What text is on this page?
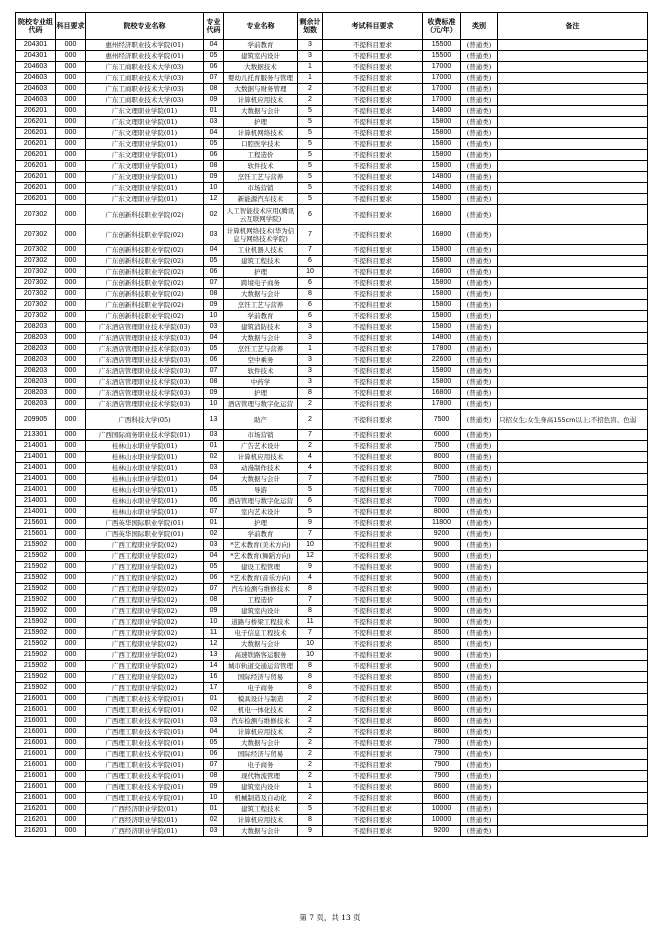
院校专业组代码	科目要求	院校专业名称	专业代码	专业名称	剩余计划数	考试科目要求	收费标准（元/年）	类别	备注
204301	000	惠州经济职业技术学院(01)	04	学前教育	3	不提科目要求	15500	(普通类)	
204301	000	惠州经济职业技术学院(01)	05	建筑室内设计	3	不提科目要求	15500	(普通类)	
204603	000	广东工商职业技术大学(03)	06	大数据技术	1	不提科目要求	17000	(普通类)	
204603	000	广东工商职业技术大学(03)	07	婴幼儿托育服务与管理	1	不提科目要求	17000	(普通类)	
204603	000	广东工商职业技术大学(03)	08	大数据与财务管理	2	不提科目要求	17000	(普通类)	
204603	000	广东工商职业技术大学(03)	09	计算机应用技术	2	不提科目要求	17000	(普通类)	
206201	000	广东文理职业学院(01)	01	大数据与会计	5	不提科目要求	14800	(普通类)	
206201	000	广东文理职业学院(01)	03	护理	5	不提科目要求	15800	(普通类)	
206201	000	广东文理职业学院(01)	04	计算机网络技术	5	不提科目要求	15800	(普通类)	
206201	000	广东文理职业学院(01)	05	口腔医学技术	5	不提科目要求	15800	(普通类)	
206201	000	广东文理职业学院(01)	06	工程造价	5	不提科目要求	15800	(普通类)	
206201	000	广东文理职业学院(01)	08	软件技术	5	不提科目要求	15800	(普通类)	
206201	000	广东文理职业学院(01)	09	烹饪工艺与营养	5	不提科目要求	14800	(普通类)	
206201	000	广东文理职业学院(01)	10	市场营销	5	不提科目要求	14800	(普通类)	
206201	000	广东文理职业学院(01)	12	新能源汽车技术	5	不提科目要求	15800	(普通类)	
207302	000	广东创新科技职业学院(02)	02	人工智能技术应用(腾讯云互联网学院)	6	不提科目要求	16800	(普通类)	
207302	000	广东创新科技职业学院(02)	03	计算机网络技术(华为信息与网络技术学院)	7	不提科目要求	16800	(普通类)	
207302	000	广东创新科技职业学院(02)	04	工业机器人技术	7	不提科目要求	15800	(普通类)	
207302	000	广东创新科技职业学院(02)	05	建筑工程技术	6	不提科目要求	15800	(普通类)	
207302	000	广东创新科技职业学院(02)	06	护理	10	不提科目要求	16800	(普通类)	
207302	000	广东创新科技职业学院(02)	07	跨境电子商务	6	不提科目要求	15800	(普通类)	
207302	000	广东创新科技职业学院(02)	08	大数据与会计	8	不提科目要求	15800	(普通类)	
207302	000	广东创新科技职业学院(02)	09	烹饪工艺与营养	6	不提科目要求	15800	(普通类)	
207302	000	广东创新科技职业学院(02)	10	学前教育	6	不提科目要求	15800	(普通类)	
208203	000	广东酒店管理职业技术学院(03)	03	建筑消防技术	3	不提科目要求	15800	(普通类)	
208203	000	广东酒店管理职业技术学院(03)	04	大数据与会计	3	不提科目要求	14800	(普通类)	
208203	000	广东酒店管理职业技术学院(03)	05	烹饪工艺与营养	1	不提科目要求	17800	(普通类)	
208203	000	广东酒店管理职业技术学院(03)	06	空中乘务	3	不提科目要求	22600	(普通类)	
208203	000	广东酒店管理职业技术学院(03)	07	软件技术	3	不提科目要求	15800	(普通类)	
208203	000	广东酒店管理职业技术学院(03)	08	中药学	3	不提科目要求	15800	(普通类)	
208203	000	广东酒店管理职业技术学院(03)	09	护理	8	不提科目要求	16800	(普通类)	
208203	000	广东酒店管理职业技术学院(03)	10	酒店管理与数字化运营	2	不提科目要求	17800	(普通类)	
209905	000	广西科技大学(05)	13	助产	2	不提科目要求	7500	(普通类)	只招女生;女生身高155cm以上;不招色盲、色弱
213301	000	广西国际商务职业技术学院(01)	03	市场营销	7	不提科目要求	6000	(普通类)	
214001	000	桂林山水职业学院(01)	01	广告艺术设计	2	不提科目要求	7500	(普通类)	
214001	000	桂林山水职业学院(01)	02	计算机应用技术	4	不提科目要求	8000	(普通类)	
214001	000	桂林山水职业学院(01)	03	动漫制作技术	4	不提科目要求	8000	(普通类)	
214001	000	桂林山水职业学院(01)	04	大数据与会计	7	不提科目要求	7500	(普通类)	
214001	000	桂林山水职业学院(01)	05	导游	5	不提科目要求	7000	(普通类)	
214001	000	桂林山水职业学院(01)	06	酒店管理与数字化运营	6	不提科目要求	7000	(普通类)	
214001	000	桂林山水职业学院(01)	07	室内艺术设计	5	不提科目要求	8000	(普通类)	
215601	000	广西英华国际职业学院(01)	01	护理	9	不提科目要求	11800	(普通类)	
215601	000	广西英华国际职业学院(01)	02	学前教育	7	不提科目要求	9200	(普通类)	
215902	000	广西工程职业学院(02)	03	*艺术教育(美术方向)	10	不提科目要求	9000	(普通类)	
215902	000	广西工程职业学院(02)	04	*艺术教育(舞蹈方向)	12	不提科目要求	9000	(普通类)	
215902	000	广西工程职业学院(02)	05	建设工程管理	9	不提科目要求	9000	(普通类)	
215902	000	广西工程职业学院(02)	06	*艺术教育(音乐方向)	4	不提科目要求	9000	(普通类)	
215902	000	广西工程职业学院(02)	07	汽车检测与维修技术	8	不提科目要求	9000	(普通类)	
215902	000	广西工程职业学院(02)	08	工程造价	7	不提科目要求	9000	(普通类)	
215902	000	广西工程职业学院(02)	09	建筑室内设计	8	不提科目要求	9000	(普通类)	
215902	000	广西工程职业学院(02)	10	道路与桥梁工程技术	11	不提科目要求	9000	(普通类)	
215902	000	广西工程职业学院(02)	11	电子信息工程技术	7	不提科目要求	8500	(普通类)	
215902	000	广西工程职业学院(02)	12	大数据与会计	10	不提科目要求	8500	(普通类)	
215902	000	广西工程职业学院(02)	13	高速铁路客运服务	10	不提科目要求	9000	(普通类)	
215902	000	广西工程职业学院(02)	14	城市轨道交通运营管理	8	不提科目要求	9000	(普通类)	
215902	000	广西工程职业学院(02)	16	国际经济与贸易	8	不提科目要求	8500	(普通类)	
215902	000	广西工程职业学院(02)	17	电子商务	8	不提科目要求	8500	(普通类)	
216001	000	广西理工职业技术学院(01)	01	模具设计与制造	2	不提科目要求	8600	(普通类)	
216001	000	广西理工职业技术学院(01)	02	机电一体化技术	2	不提科目要求	8600	(普通类)	
216001	000	广西理工职业技术学院(01)	03	汽车检测与维修技术	2	不提科目要求	8600	(普通类)	
216001	000	广西理工职业技术学院(01)	04	计算机应用技术	2	不提科目要求	8600	(普通类)	
216001	000	广西理工职业技术学院(01)	05	大数据与会计	2	不提科目要求	7900	(普通类)	
216001	000	广西理工职业技术学院(01)	06	国际经济与贸易	2	不提科目要求	7900	(普通类)	
216001	000	广西理工职业技术学院(01)	07	电子商务	2	不提科目要求	7900	(普通类)	
216001	000	广西理工职业技术学院(01)	08	现代物流管理	2	不提科目要求	7900	(普通类)	
216001	000	广西理工职业技术学院(01)	09	建筑室内设计	1	不提科目要求	8600	(普通类)	
216001	000	广西理工职业技术学院(01)	10	机械制造及自动化	2	不提科目要求	8600	(普通类)	
216201	000	广西经济职业学院(01)	01	建筑工程技术	5	不提科目要求	10000	(普通类)	
216201	000	广西经济职业学院(01)	02	计算机应用技术	8	不提科目要求	10000	(普通类)	
216201	000	广西经济职业学院(01)	03	大数据与会计	9	不提科目要求	9200	(普通类)	
第 7 页，共 13 页
